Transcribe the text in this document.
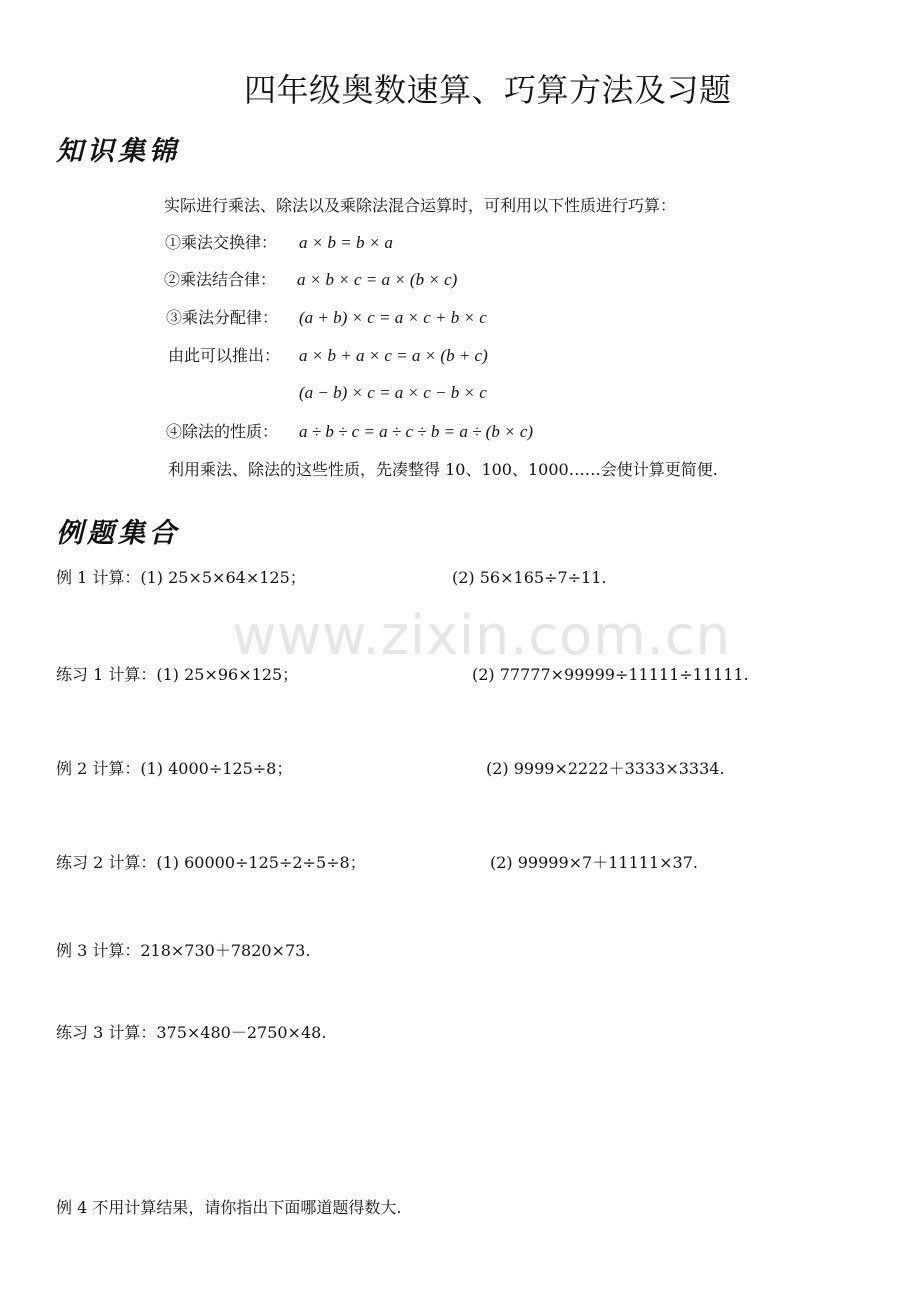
四年级奥数速算、巧算方法及习题
知识集锦
实际进行乘法、除法以及乘除法混合运算时，可利用以下性质进行巧算：
①乘法交换律： a × b = b × a
②乘法结合律： a × b × c = a × (b × c)
③乘法分配律： (a + b) × c = a × c + b × c
由此可以推出： a × b + a × c = a × (b + c)
(a − b) × c = a × c − b × c
④除法的性质： a ÷ b ÷ c = a ÷ c ÷ b = a ÷ (b × c)
利用乘法、除法的这些性质，先凑整得 10、100、1000……会使计算更简便.
例题集合
www.zixin.com.cn
例 1 计算：(1) 25×5×64×125；	(2) 56×165÷7÷11.
练习 1 计算：(1) 25×96×125；	(2) 77777×99999÷11111÷11111.
例 2 计算：(1) 4000÷125÷8；	(2) 9999×2222＋3333×3334.
练习 2 计算：(1) 60000÷125÷2÷5÷8；	(2) 99999×7＋11111×37.
例 3 计算：218×730＋7820×73.
练习 3 计算：375×480－2750×48.
例 4 不用计算结果，请你指出下面哪道题得数大.
